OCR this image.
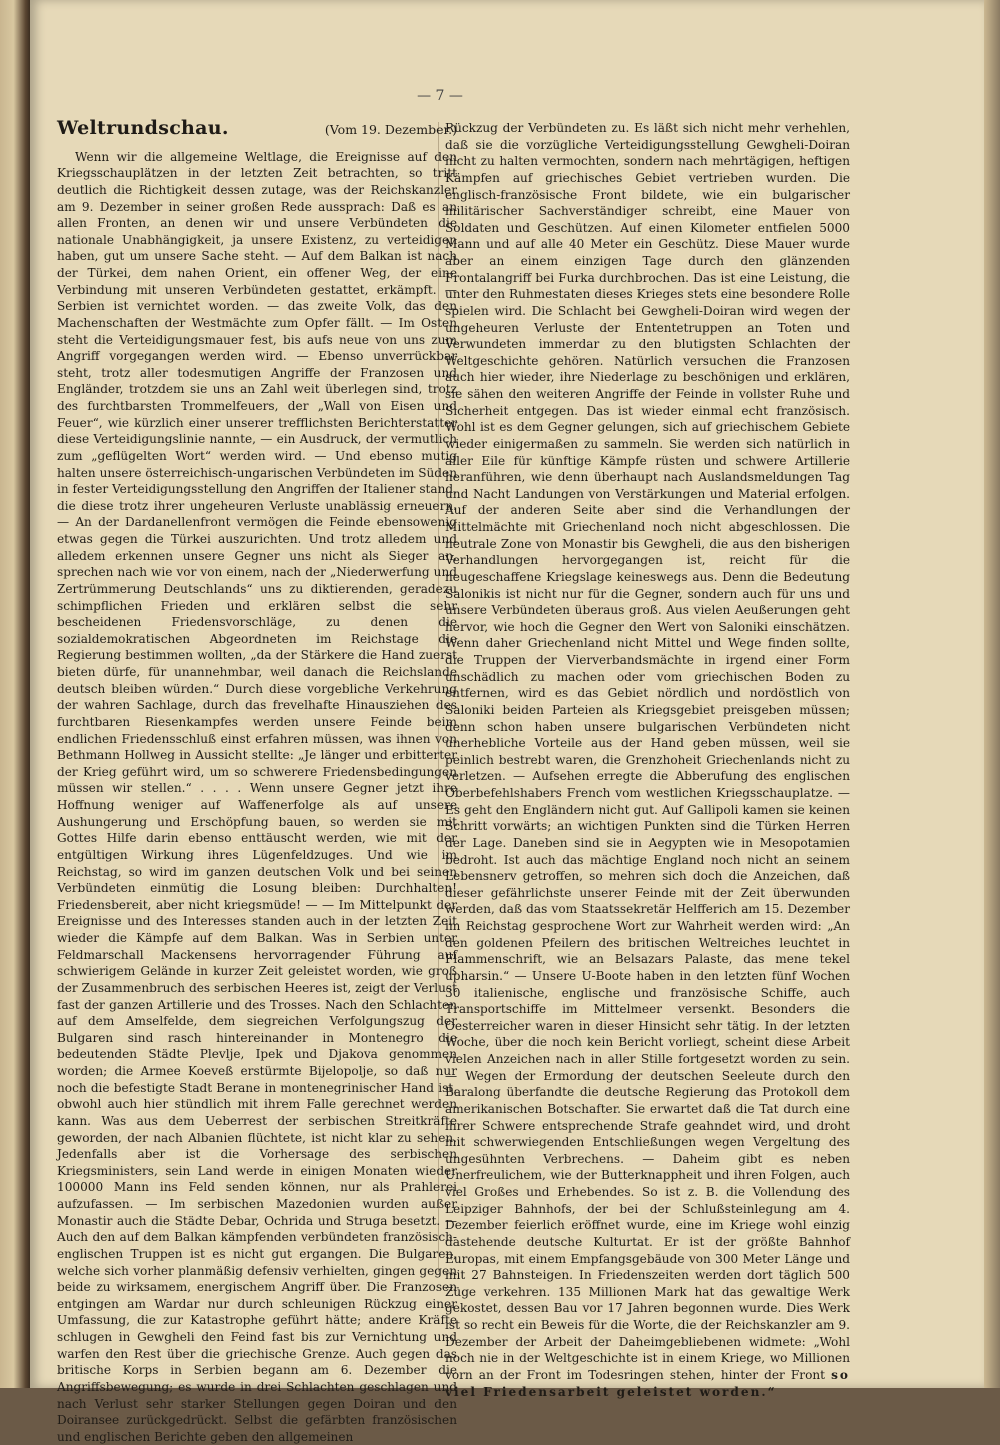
— 7 —
Weltrundschau.	(Vom 19. Dezember.)

Wenn wir die allgemeine Weltlage, die Ereignisse auf den Kriegsschauplätzen in der letzten Zeit betrachten, so tritt deutlich die Richtigkeit dessen zutage, was der Reichskanzler am 9. Dezember in seiner großen Rede aussprach: Daß es an allen Fronten, an denen wir und unsere Verbündeten die nationale Unabhängigkeit, ja unsere Existenz, zu verteidigen haben, gut um unsere Sache steht. — Auf dem Balkan ist nach der Türkei, dem nahen Orient, ein offener Weg, der eine Verbindung mit unseren Verbündeten gestattet, erkämpft. — Serbien ist vernichtet worden. — das zweite Volk, das den Machenschaften der Westmächte zum Opfer fällt. — Im Osten steht die Verteidigungsmauer fest, bis aufs neue von uns zum Angriff vorgegangen werden wird. — Ebenso unverrückbar steht, trotz aller todesmutigen Angriffe der Franzosen und Engländer, trotzdem sie uns an Zahl weit überlegen sind, trotz des furchtbarsten Trommelfeuers, der „Wall von Eisen und Feuer“, wie kürzlich einer unserer trefflichsten Berichterstatter diese Verteidigungslinie nannte, — ein Ausdruck, der vermutlich zum „geflügelten Wort“ werden wird. — Und ebenso mutig halten unsere österreichisch-ungarischen Verbündeten im Süden in fester Verteidigungsstellung den Angriffen der Italiener stand, die diese trotz ihrer ungeheuren Verluste unablässig erneuern. — An der Dardanellenfront vermögen die Feinde ebensowenig etwas gegen die Türkei auszurichten. Und trotz alledem und alledem erkennen unsere Gegner uns nicht als Sieger an, sprechen nach wie vor von einem, nach der „Niederwerfung und Zertrümmerung Deutschlands“ uns zu diktierenden, geradezu schimpflichen Frieden und erklären selbst die sehr bescheidenen Friedensvorschläge, zu denen die sozialdemokratischen Abgeordneten im Reichstage die Regierung bestimmen wollten, „da der Stärkere die Hand zuerst bieten dürfe, für unannehmbar, weil danach die Reichslande deutsch bleiben würden.“ Durch diese vorgebliche Verkehrung der wahren Sachlage, durch das frevelhafte Hinausziehen des furchtbaren Riesenkampfes werden unsere Feinde beim endlichen Friedensschluß einst erfahren müssen, was ihnen von Bethmann Hollweg in Aussicht stellte: „Je länger und erbitterter der Krieg geführt wird, um so schwerere Friedensbedingungen müssen wir stellen.“ . . . . Wenn unsere Gegner jetzt ihre Hoffnung weniger auf Waffenerfolge als auf unsere Aushungerung und Erschöpfung bauen, so werden sie mit Gottes Hilfe darin ebenso enttäuscht werden, wie mit der entgültigen Wirkung ihres Lügenfeldzuges. Und wie im Reichstag, so wird im ganzen deutschen Volk und bei seinen Verbündeten einmütig die Losung bleiben: Durchhalten! Friedensbereit, aber nicht kriegsmüde! — — Im Mittelpunkt der Ereignisse und des Interesses standen auch in der letzten Zeit wieder die Kämpfe auf dem Balkan. Was in Serbien unter Feldmarschall Mackensens hervorragender Führung auf schwierigem Gelände in kurzer Zeit geleistet worden, wie groß der Zusammenbruch des serbischen Heeres ist, zeigt der Verlust fast der ganzen Artillerie und des Trosses. Nach den Schlachten auf dem Amselfelde, dem siegreichen Verfolgungszug der Bulgaren sind rasch hintereinander in Montenegro die bedeutenden Städte Plevlje, Ipek und Djakova genommen worden; die Armee Koeveß erstürmte Bijelopolje, so daß nur noch die befestigte Stadt Berane in montenegrinischer Hand ist, obwohl auch hier stündlich mit ihrem Falle gerechnet werden kann. Was aus dem Ueberrest der serbischen Streitkräfte geworden, der nach Albanien flüchtete, ist nicht klar zu sehen. Jedenfalls aber ist die Vorhersage des serbischen Kriegsministers, sein Land werde in einigen Monaten wieder 100000 Mann ins Feld senden können, nur als Prahlerei aufzufassen. — Im serbischen Mazedonien wurden außer Monastir auch die Städte Debar, Ochrida und Struga besetzt. — Auch den auf dem Balkan kämpfenden verbündeten französisch-englischen Truppen ist es nicht gut ergangen. Die Bulgaren, welche sich vorher planmäßig defensiv verhielten, gingen gegen beide zu wirksamem, energischem Angriff über. Die Franzosen entgingen am Wardar nur durch schleunigen Rückzug einer Umfassung, die zur Katastrophe geführt hätte; andere Kräfte schlugen in Gewgheli den Feind fast bis zur Vernichtung und warfen den Rest über die griechische Grenze. Auch gegen das britische Korps in Serbien begann am 6. Dezember die Angriffsbewegung; es wurde in drei Schlachten geschlagen und nach Verlust sehr starker Stellungen gegen Doiran und den Doiransee zurückgedrückt. Selbst die gefärbten französischen und englischen Berichte geben den allgemeinen

Rückzug der Verbündeten zu. Es läßt sich nicht mehr verhehlen, daß sie die vorzügliche Verteidigungsstellung Gewgheli-Doiran nicht zu halten vermochten, sondern nach mehrtägigen, heftigen Kämpfen auf griechisches Gebiet vertrieben wurden. Die englisch-französische Front bildete, wie ein bulgarischer militärischer Sachverständiger schreibt, eine Mauer von Soldaten und Geschützen. Auf einen Kilometer entfielen 5000 Mann und auf alle 40 Meter ein Geschütz. Diese Mauer wurde aber an einem einzigen Tage durch den glänzenden Frontalangriff bei Furka durchbrochen. Das ist eine Leistung, die unter den Ruhmestaten dieses Krieges stets eine besondere Rolle spielen wird. Die Schlacht bei Gewgheli-Doiran wird wegen der ungeheuren Verluste der Ententetruppen an Toten und Verwundeten immerdar zu den blutigsten Schlachten der Weltgeschichte gehören. Natürlich versuchen die Franzosen auch hier wieder, ihre Niederlage zu beschönigen und erklären, sie sähen den weiteren Angriffe der Feinde in vollster Ruhe und Sicherheit entgegen. Das ist wieder einmal echt französisch. Wohl ist es dem Gegner gelungen, sich auf griechischem Gebiete wieder einigermaßen zu sammeln. Sie werden sich natürlich in aller Eile für künftige Kämpfe rüsten und schwere Artillerie heranführen, wie denn überhaupt nach Auslandsmeldungen Tag und Nacht Landungen von Verstärkungen und Material erfolgen. Auf der anderen Seite aber sind die Verhandlungen der Mittelmächte mit Griechenland noch nicht abgeschlossen. Die neutrale Zone von Monastir bis Gewgheli, die aus den bisherigen Verhandlungen hervorgegangen ist, reicht für die neugeschaffene Kriegslage keineswegs aus. Denn die Bedeutung Salonikis ist nicht nur für die Gegner, sondern auch für uns und unsere Verbündeten überaus groß. Aus vielen Aeußerungen geht hervor, wie hoch die Gegner den Wert von Saloniki einschätzen. Wenn daher Griechenland nicht Mittel und Wege finden sollte, die Truppen der Vierverbandsmächte in irgend einer Form unschädlich zu machen oder vom griechischen Boden zu entfernen, wird es das Gebiet nördlich und nordöstlich von Saloniki beiden Parteien als Kriegsgebiet preisgeben müssen; denn schon haben unsere bulgarischen Verbündeten nicht unerhebliche Vorteile aus der Hand geben müssen, weil sie peinlich bestrebt waren, die Grenzhoheit Griechenlands nicht zu verletzen. — Aufsehen erregte die Abberufung des englischen Oberbefehlshabers French vom westlichen Kriegsschauplatze. — Es geht den Engländern nicht gut. Auf Gallipoli kamen sie keinen Schritt vorwärts; an wichtigen Punkten sind die Türken Herren der Lage. Daneben sind sie in Aegypten wie in Mesopotamien bedroht. Ist auch das mächtige England noch nicht an seinem Lebensnerv getroffen, so mehren sich doch die Anzeichen, daß dieser gefährlichste unserer Feinde mit der Zeit überwunden werden, daß das vom Staatssekretär Helfferich am 15. Dezember im Reichstag gesprochene Wort zur Wahrheit werden wird: „An den goldenen Pfeilern des britischen Weltreiches leuchtet in Flammenschrift, wie an Belsazars Palaste, das mene tekel upharsin.“ — Unsere U-Boote haben in den letzten fünf Wochen 30 italienische, englische und französische Schiffe, auch Transportschiffe im Mittelmeer versenkt. Besonders die Oesterreicher waren in dieser Hinsicht sehr tätig. In der letzten Woche, über die noch kein Bericht vorliegt, scheint diese Arbeit vielen Anzeichen nach in aller Stille fortgesetzt worden zu sein. — Wegen der Ermordung der deutschen Seeleute durch den Baralong überfandte die deutsche Regierung das Protokoll dem amerikanischen Botschafter. Sie erwartet daß die Tat durch eine ihrer Schwere entsprechende Strafe geahndet wird, und droht mit schwerwiegenden Entschließungen wegen Vergeltung des ungesühnten Verbrechens. — Daheim gibt es neben Unerfreulichem, wie der Butterknappheit und ihren Folgen, auch viel Großes und Erhebendes. So ist z. B. die Vollendung des Leipziger Bahnhofs, der bei der Schlußsteinlegung am 4. Dezember feierlich eröffnet wurde, eine im Kriege wohl einzig dastehende deutsche Kulturtat. Er ist der größte Bahnhof Europas, mit einem Empfangsgebäude von 300 Meter Länge und mit 27 Bahnsteigen. In Friedenszeiten werden dort täglich 500 Züge verkehren. 135 Millionen Mark hat das gewaltige Werk gekostet, dessen Bau vor 17 Jahren begonnen wurde. Dies Werk ist so recht ein Beweis für die Worte, die der Reichskanzler am 9. Dezember der Arbeit der Daheimgebliebenen widmete: „Wohl noch nie in der Weltgeschichte ist in einem Kriege, wo Millionen vorn an der Front im Todesringen stehen, hinter der Front so viel Friedensarbeit geleistet worden.“
